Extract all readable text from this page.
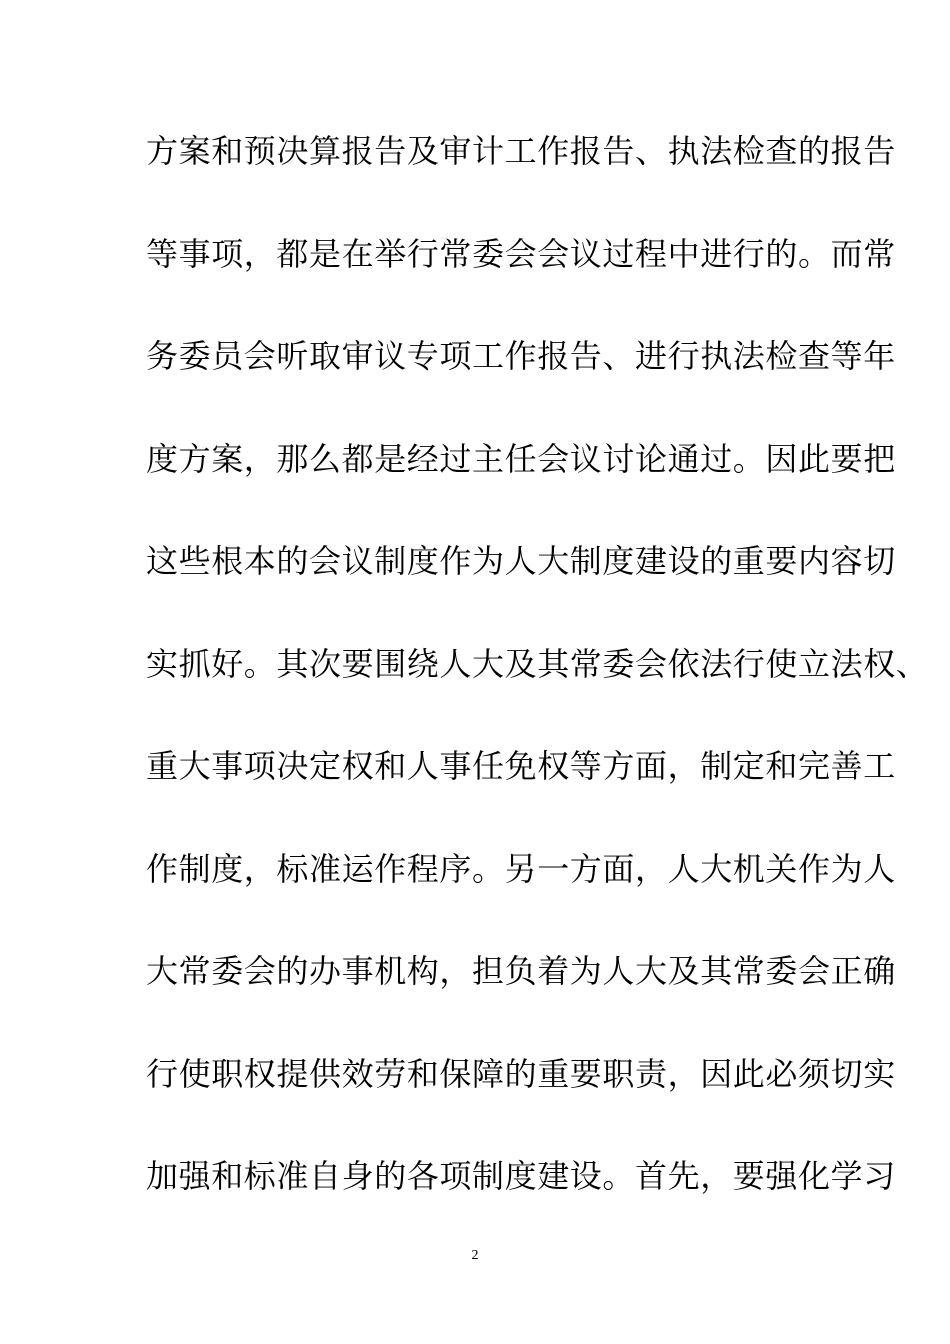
方案和预决算报告及审计工作报告、执法检查的报告
等事项，都是在举行常委会会议过程中进行的。而常
务委员会听取审议专项工作报告、进行执法检查等年
度方案，那么都是经过主任会议讨论通过。因此要把
这些根本的会议制度作为人大制度建设的重要内容切
实抓好。其次要围绕人大及其常委会依法行使立法权、
重大事项决定权和人事任免权等方面，制定和完善工
作制度，标准运作程序。另一方面，人大机关作为人
大常委会的办事机构，担负着为人大及其常委会正确
行使职权提供效劳和保障的重要职责，因此必须切实
加强和标准自身的各项制度建设。首先，要强化学习
2
